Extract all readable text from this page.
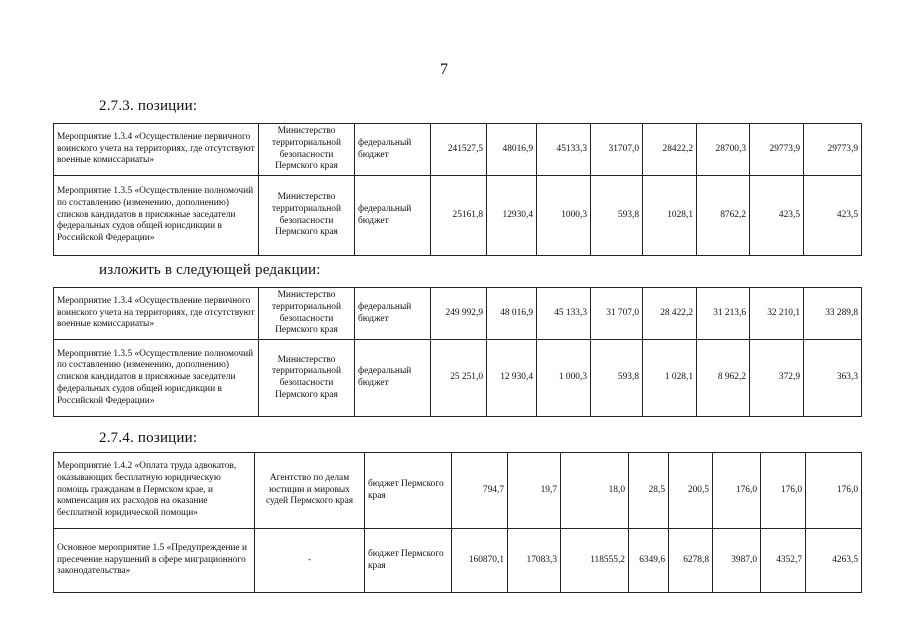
7
2.7.3. позиции:
Мероприятие 1.3.4 «Осуществление первичного воинского учета на территориях, где отсутствуют военные комиссариаты»	Министерство территориальной безопасности Пермского края	федеральный бюджет	241527,5	48016,9	45133,3	31707,0	28422,2	28700,3	29773,9	29773,9
Мероприятие 1.3.5 «Осуществление полномочий по составлению (изменению, дополнению) списков кандидатов в присяжные заседатели федеральных судов общей юрисдикции в Российской Федерации»	Министерство территориальной безопасности Пермского края	федеральный бюджет	25161,8	12930,4	1000,3	593,8	1028,1	8762,2	423,5	423,5
изложить в следующей редакции:
Мероприятие 1.3.4 «Осуществление первичного воинского учета на территориях, где отсутствуют военные комиссариаты»	Министерство территориальной безопасности Пермского края	федеральный бюджет	249 992,9	48 016,9	45 133,3	31 707,0	28 422,2	31 213,6	32 210,1	33 289,8
Мероприятие 1.3.5 «Осуществление полномочий по составлению (изменению, дополнению) списков кандидатов в присяжные заседатели федеральных судов общей юрисдикции в Российской Федерации»	Министерство территориальной безопасности Пермского края	федеральный бюджет	25 251,0	12 930,4	1 000,3	593,8	1 028,1	8 962,2	372,9	363,3
2.7.4. позиции:
Мероприятие 1.4.2 «Оплата труда адвокатов, оказывающих бесплатную юридическую помощь гражданам в Пермском крае, и компенсация их расходов на оказание бесплатной юридической помощи»	Агентство по делам юстиции и мировых судей Пермского края	бюджет Пермского края	794,7	19,7	18,0	28,5	200,5	176,0	176,0	176,0
Основное мероприятие 1.5 «Предупреждение и пресечение нарушений в сфере миграционного законодательства»	-	бюджет Пермского края	160870,1	17083,3	118555,2	6349,6	6278,8	3987,0	4352,7	4263,5
